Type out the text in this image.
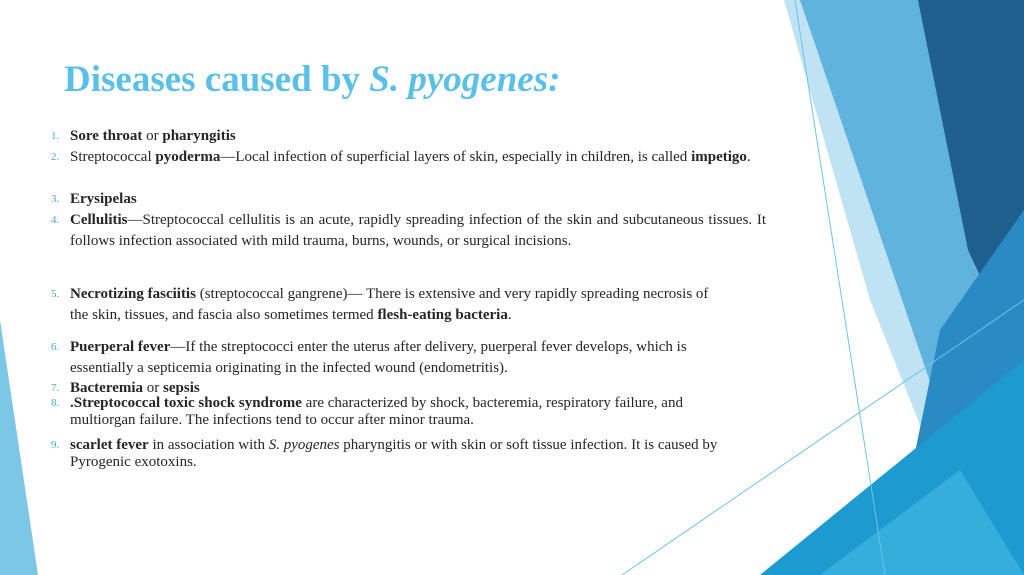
Diseases caused by S. pyogenes:
1. Sore throat or pharyngitis
2. Streptococcal pyoderma—Local infection of superficial layers of skin, especially in children, is called impetigo.
3. Erysipelas
4. Cellulitis—Streptococcal cellulitis is an acute, rapidly spreading infection of the skin and subcutaneous tissues. It follows infection associated with mild trauma, burns, wounds, or surgical incisions.
5. Necrotizing fasciitis (streptococcal gangrene)— There is extensive and very rapidly spreading necrosis of the skin, tissues, and fascia also sometimes termed flesh-eating bacteria.
6. Puerperal fever—If the streptococci enter the uterus after delivery, puerperal fever develops, which is essentially a septicemia originating in the infected wound (endometritis).
7. Bacteremia or sepsis
8. .Streptococcal toxic shock syndrome are characterized by shock, bacteremia, respiratory failure, and multiorgan failure. The infections tend to occur after minor trauma.
9. scarlet fever in association with S. pyogenes pharyngitis or with skin or soft tissue infection. It is caused by Pyrogenic exotoxins.
